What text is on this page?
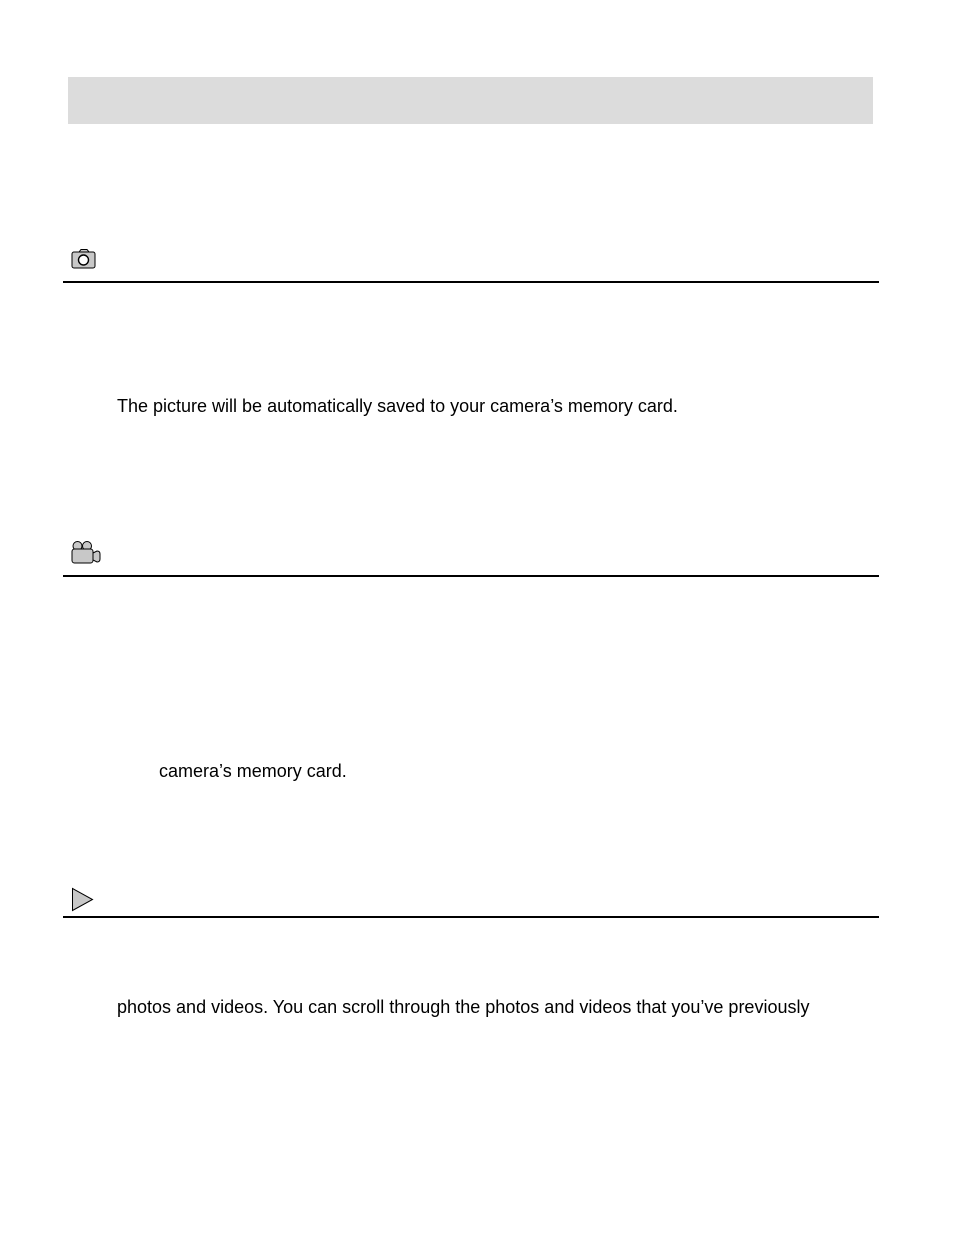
The picture will be automatically saved to your camera’s memory card.
camera’s memory card.
photos and videos. You can scroll through the photos and videos that you’ve previously
